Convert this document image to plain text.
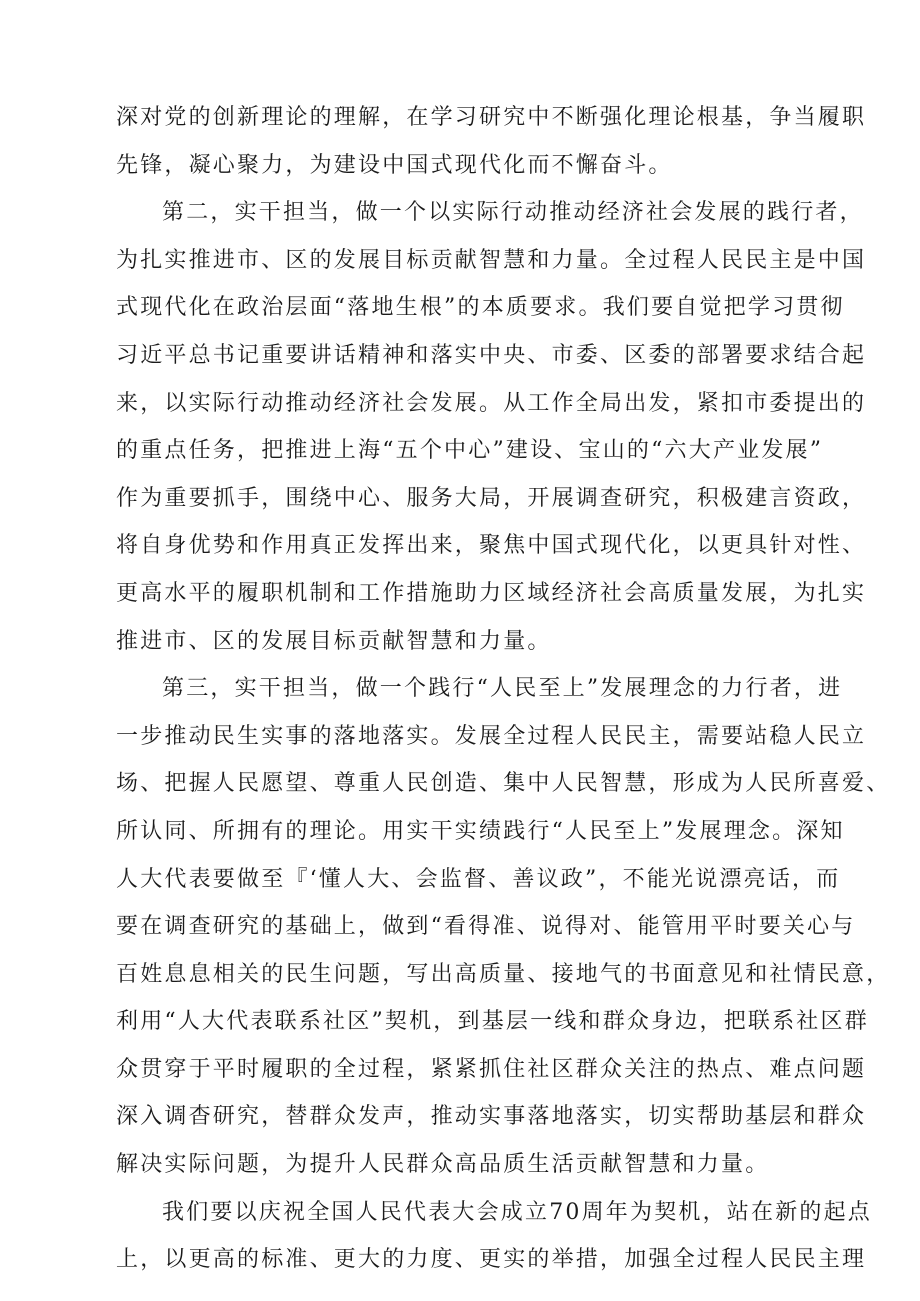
深对党的创新理论的理解，在学习研究中不断强化理论根基，争当履职
先锋，凝心聚力，为建设中国式现代化而不懈奋斗。
第二，实干担当，做一个以实际行动推动经济社会发展的践行者，
为扎实推进市、区的发展目标贡献智慧和力量。全过程人民民主是中国
式现代化在政治层面“落地生根”的本质要求。我们要自觉把学习贯彻
习近平总书记重要讲话精神和落实中央、市委、区委的部署要求结合起
来，以实际行动推动经济社会发展。从工作全局出发，紧扣市委提出的
的重点任务，把推进上海“五个中心”建设、宝山的“六大产业发展”
作为重要抓手，围绕中心、服务大局，开展调查研究，积极建言资政，
将自身优势和作用真正发挥出来，聚焦中国式现代化，以更具针对性、
更高水平的履职机制和工作措施助力区域经济社会高质量发展，为扎实
推进市、区的发展目标贡献智慧和力量。
第三，实干担当，做一个践行“人民至上”发展理念的力行者，进
一步推动民生实事的落地落实。发展全过程人民民主，需要站稳人民立
场、把握人民愿望、尊重人民创造、集中人民智慧，形成为人民所喜爱、
所认同、所拥有的理论。用实干实绩践行“人民至上”发展理念。深知
人大代表要做至『‘懂人大、会监督、善议政”，不能光说漂亮话，而
要在调查研究的基础上，做到“看得准、说得对、能管用平时要关心与
百姓息息相关的民生问题，写出高质量、接地气的书面意见和社情民意，
利用“人大代表联系社区”契机，到基层一线和群众身边，把联系社区群
众贯穿于平时履职的全过程，紧紧抓住社区群众关注的热点、难点问题
深入调杳研究，替群众发声，推动实事落地落实，切实帮助基层和群众
解决实际问题，为提升人民群众高品质生活贡献智慧和力量。
我们要以庆祝全国人民代表大会成立70周年为契机，站在新的起点
上，以更高的标准、更大的力度、更实的举措，加强全过程人民民主理
